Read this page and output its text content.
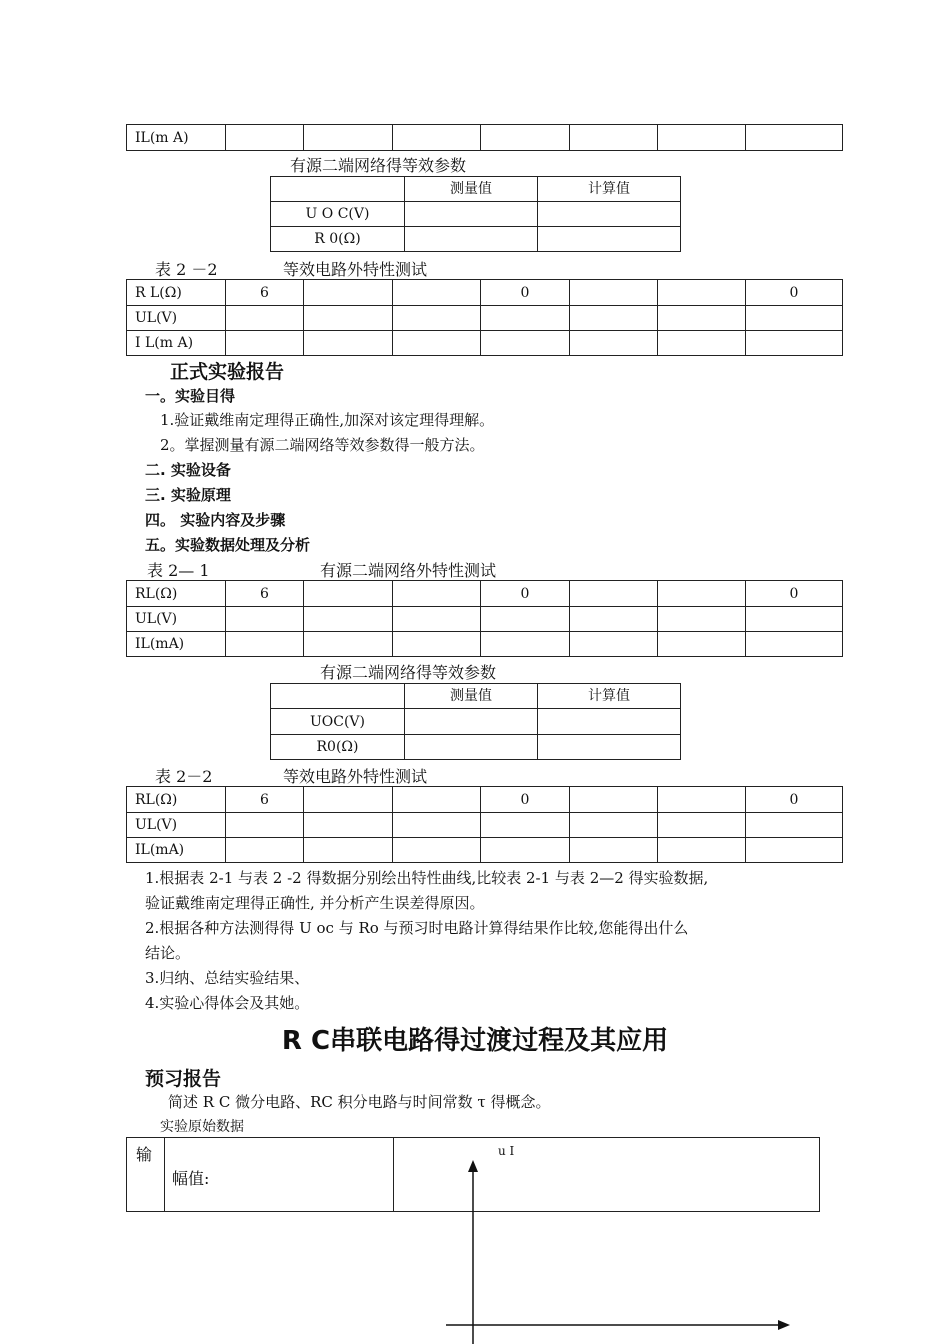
IL(m A)							
有源二端网络得等效参数
	测量值	计算值
U O C(V)		
R 0(Ω)		
表 2 －2	等效电路外特性测试
R L(Ω)	6			0			0
UL(V)							
I L(m A)							
正式实验报告
一。实验目得
1.验证戴维南定理得正确性,加深对该定理得理解。
2。掌握测量有源二端网络等效参数得一般方法。
二. 实验设备
三. 实验原理
四。 实验内容及步骤
五。实验数据处理及分析
表 2— 1	有源二端网络外特性测试
RL(Ω)	6			0			0
UL(V)							
IL(mA)							
有源二端网络得等效参数
	测量值	计算值
UOC(V)		
R0(Ω)		
表 2－2	等效电路外特性测试
RL(Ω)	6			0			0
UL(V)							
IL(mA)							
1.根据表 2-1 与表 2 -2 得数据分别绘出特性曲线,比较表 2-1 与表 2—2 得实验数据,
验证戴维南定理得正确性, 并分析产生误差得原因。
2.根据各种方法测得得 U oc 与 Ro 与预习时电路计算得结果作比较,您能得出什么
结论。
3.归纳、总结实验结果、
4.实验心得体会及其她。
R C串联电路得过渡过程及其应用
预习报告
简述 R C 微分电路、RC 积分电路与时间常数 τ 得概念。
实验原始数据
输
幅值:
u I
